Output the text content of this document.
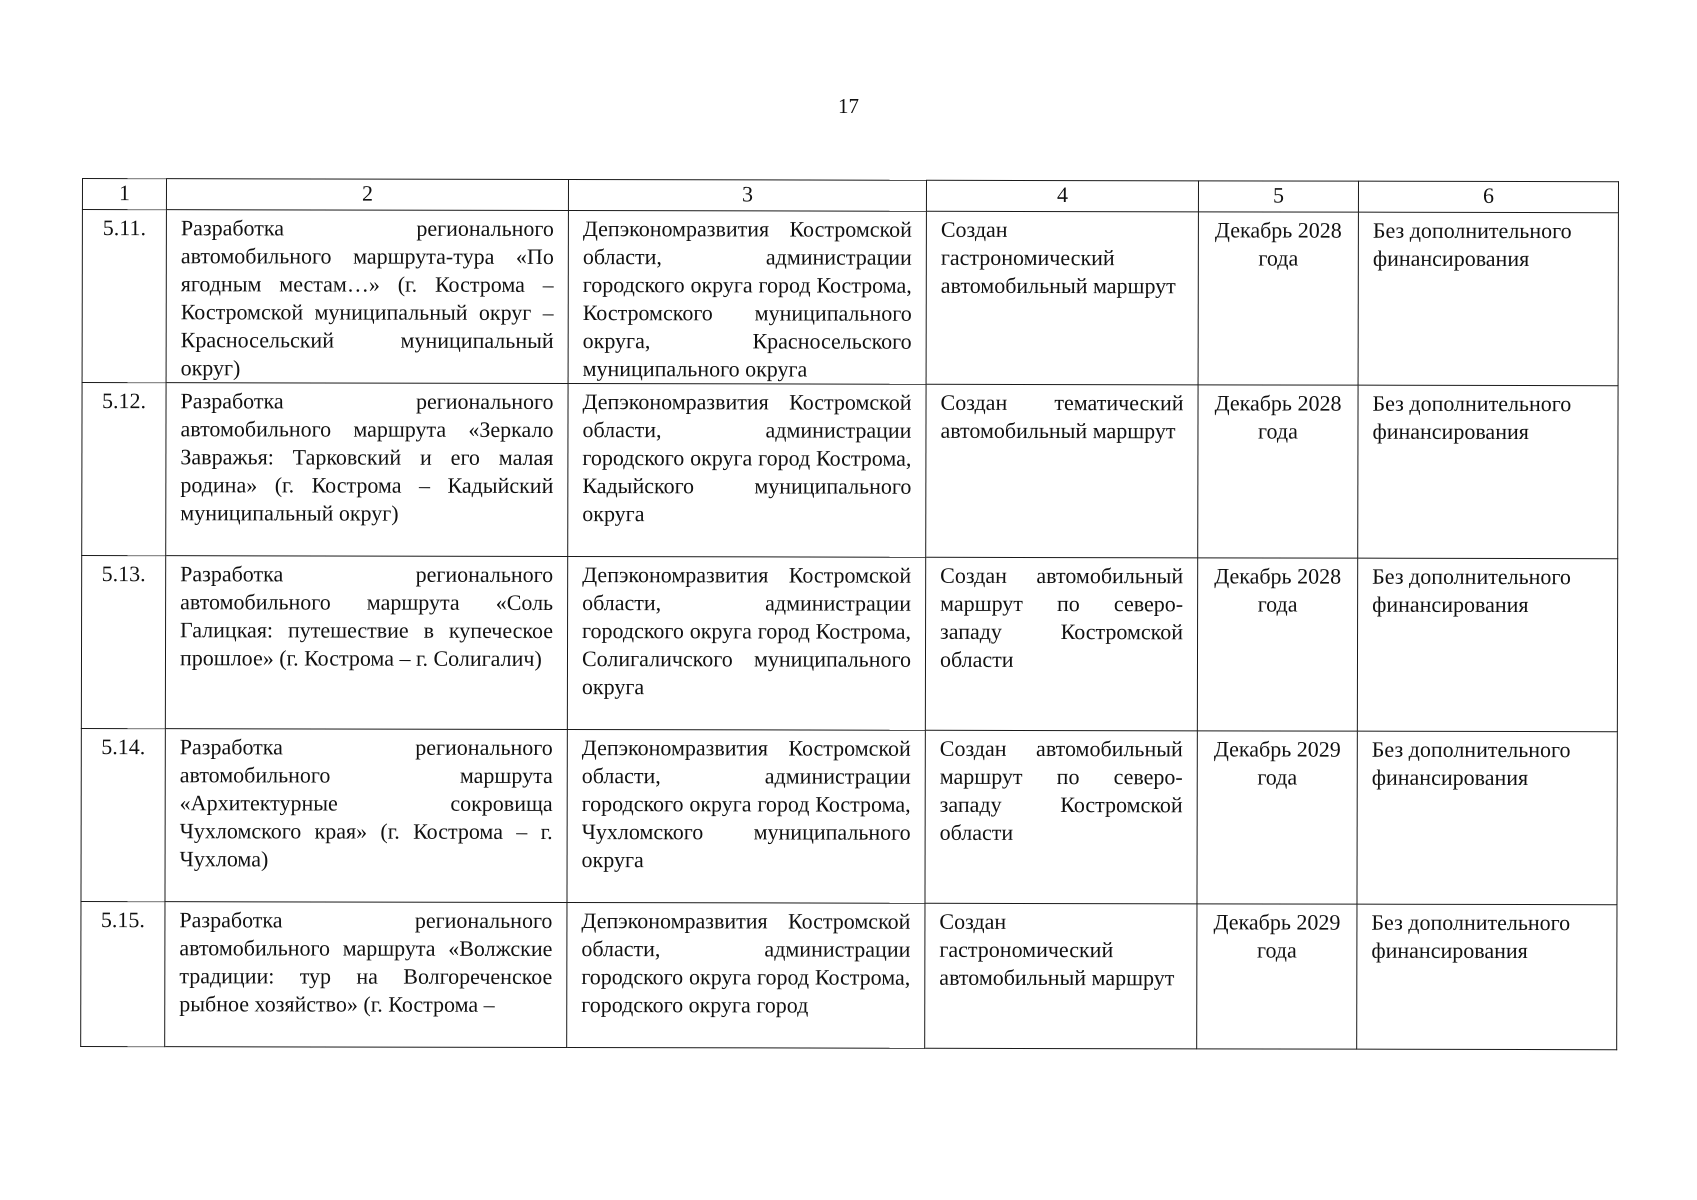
17
1	2	3	4	5	6
5.11.	Разработка регионального автомобильного маршрута-тура «По ягодным местам…» (г. Кострома – Костромской муниципальный округ – Красносельский муниципальный округ)	Депэкономразвития Костромской области, администрации городского округа город Кострома, Костромского муниципального округа, Красносельского муниципального округа	Создан гастрономический автомобильный маршрут	Декабрь 2028 года	Без дополнительного финансирования
5.12.	Разработка регионального автомобильного маршрута «Зеркало Завражья: Тарковский и его малая родина» (г. Кострома – Кадыйский муниципальный округ)	Депэкономразвития Костромской области, администрации городского округа город Кострома, Кадыйского муниципального округа	Создан тематический автомобильный маршрут	Декабрь 2028 года	Без дополнительного финансирования
5.13.	Разработка регионального автомобильного маршрута «Соль Галицкая: путешествие в купеческое прошлое» (г. Кострома – г. Солигалич)	Депэкономразвития Костромской области, администрации городского округа город Кострома, Солигаличского муниципального округа	Создан автомобильный маршрут по северо-западу Костромской области	Декабрь 2028 года	Без дополнительного финансирования
5.14.	Разработка регионального автомобильного маршрута «Архитектурные сокровища Чухломского края» (г. Кострома – г. Чухлома)	Депэкономразвития Костромской области, администрации городского округа город Кострома, Чухломского муниципального округа	Создан автомобильный маршрут по северо-западу Костромской области	Декабрь 2029 года	Без дополнительного финансирования
5.15.	Разработка регионального автомобильного маршрута «Волжские традиции: тур на Волгореченское рыбное хозяйство» (г. Кострома –	Депэкономразвития Костромской области, администрации городского округа город Кострома, городского округа город	Создан гастрономический автомобильный маршрут	Декабрь 2029 года	Без дополнительного финансирования
